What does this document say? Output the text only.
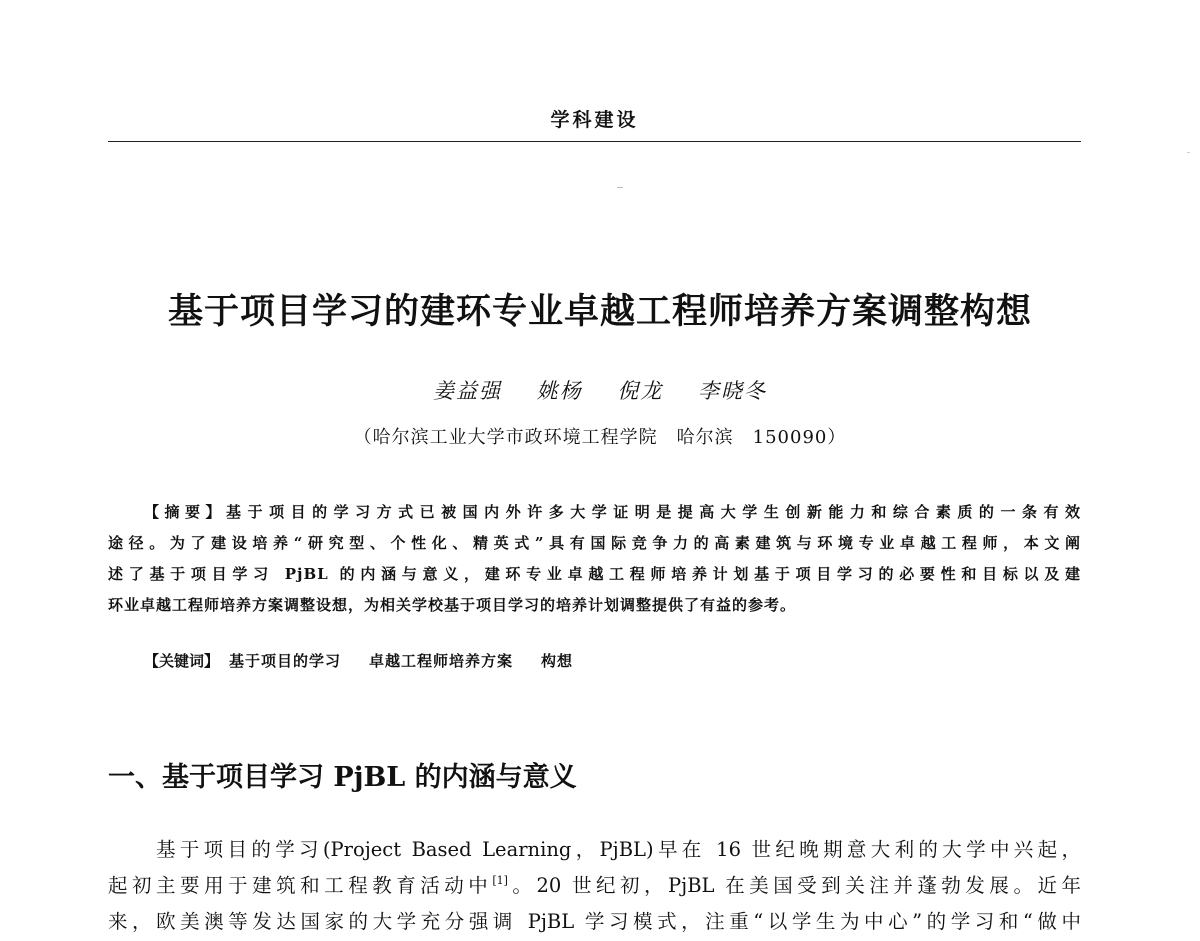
学科建设
基于项目学习的建环专业卓越工程师培养方案调整构想
姜益强 姚杨 倪龙 李晓冬
（哈尔滨工业大学市政环境工程学院　哈尔滨　150090）
【摘要】基于项目的学习方式已被国内外许多大学证明是提高大学生创新能力和综合素质的一条有效
途径。为了建设培养“研究型、个性化、精英式”具有国际竞争力的高素建筑与环境专业卓越工程师，本文阐
述了基于项目学习 PjBL 的内涵与意义，建环专业卓越工程师培养计划基于项目学习的必要性和目标以及建
环业卓越工程师培养方案调整设想，为相关学校基于项目学习的培养计划调整提供了有益的参考。
【关键词】 基于项目的学习 卓越工程师培养方案 构想
一、基于项目学习 PjBL 的内涵与意义
基于项目的学习(Project Based Learning，PjBL)早在 16 世纪晚期意大利的大学中兴起，
起初主要用于建筑和工程教育活动中[1]。20 世纪初，PjBL 在美国受到关注并蓬勃发展。近年
来，欧美澳等发达国家的大学充分强调 PjBL 学习模式，注重“以学生为中心”的学习和“做中
